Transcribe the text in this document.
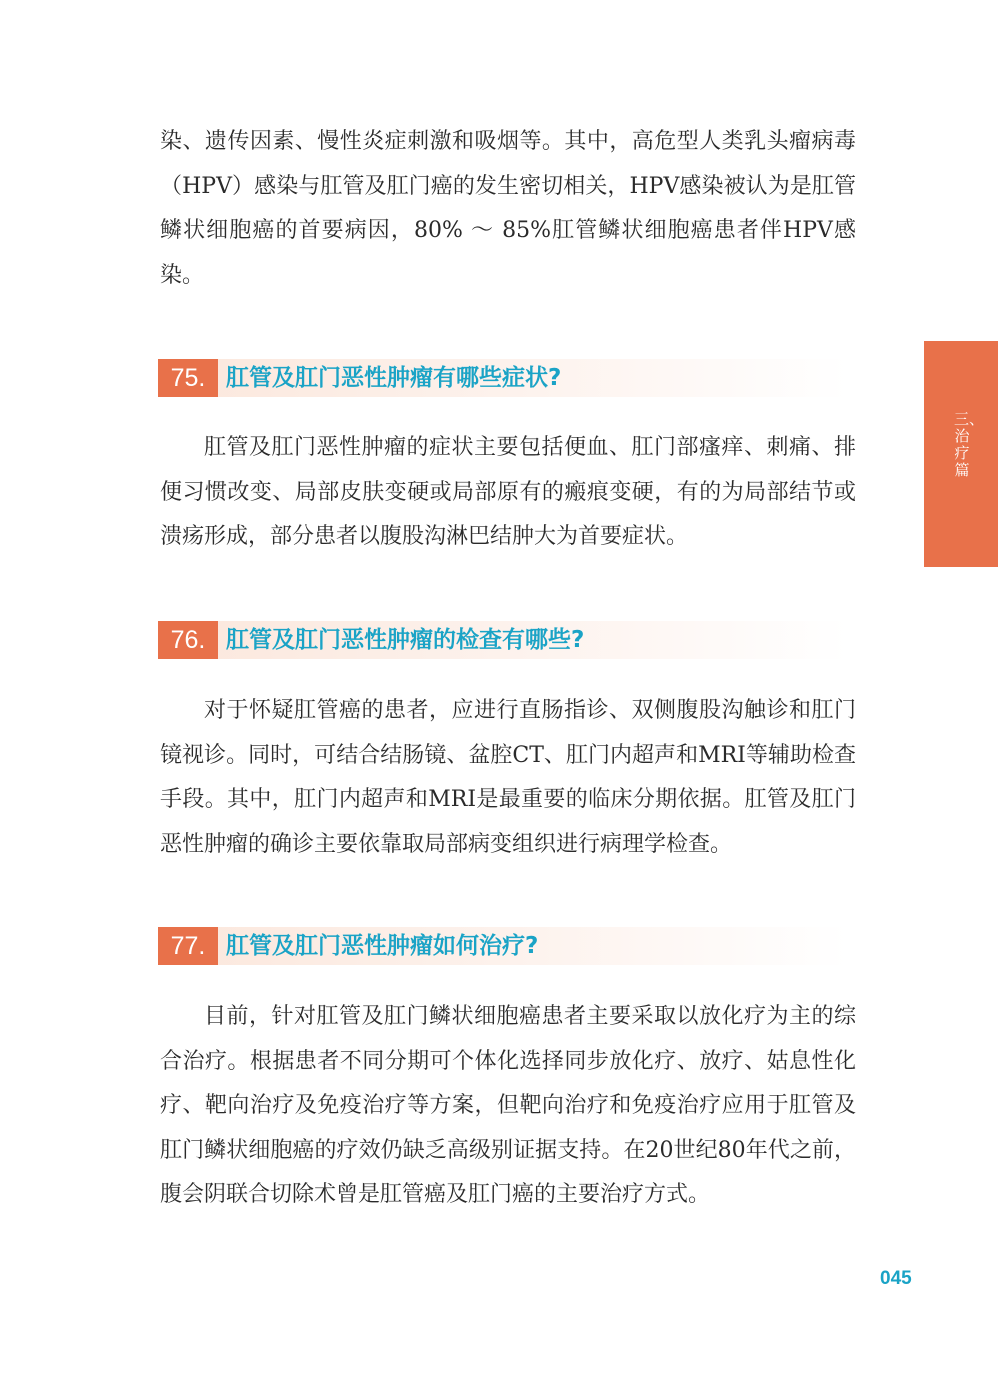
染、遗传因素、慢性炎症刺激和吸烟等。其中，高危型人类乳头瘤病毒（HPV）感染与肛管及肛门癌的发生密切相关，HPV感染被认为是肛管鳞状细胞癌的首要病因，80% ～ 85%肛管鳞状细胞癌患者伴HPV感染。

75. 肛管及肛门恶性肿瘤有哪些症状?

肛管及肛门恶性肿瘤的症状主要包括便血、肛门部瘙痒、刺痛、排便习惯改变、局部皮肤变硬或局部原有的瘢痕变硬，有的为局部结节或溃疡形成，部分患者以腹股沟淋巴结肿大为首要症状。

76. 肛管及肛门恶性肿瘤的检查有哪些?

对于怀疑肛管癌的患者，应进行直肠指诊、双侧腹股沟触诊和肛门镜视诊。同时，可结合结肠镜、盆腔CT、肛门内超声和MRI等辅助检查手段。其中，肛门内超声和MRI是最重要的临床分期依据。肛管及肛门恶性肿瘤的确诊主要依靠取局部病变组织进行病理学检查。

77. 肛管及肛门恶性肿瘤如何治疗?

目前，针对肛管及肛门鳞状细胞癌患者主要采取以放化疗为主的综合治疗。根据患者不同分期可个体化选择同步放化疗、放疗、姑息性化疗、靶向治疗及免疫治疗等方案，但靶向治疗和免疫治疗应用于肛管及肛门鳞状细胞癌的疗效仍缺乏高级别证据支持。在20世纪80年代之前，腹会阴联合切除术曾是肛管癌及肛门癌的主要治疗方式。

三、治疗篇
045
